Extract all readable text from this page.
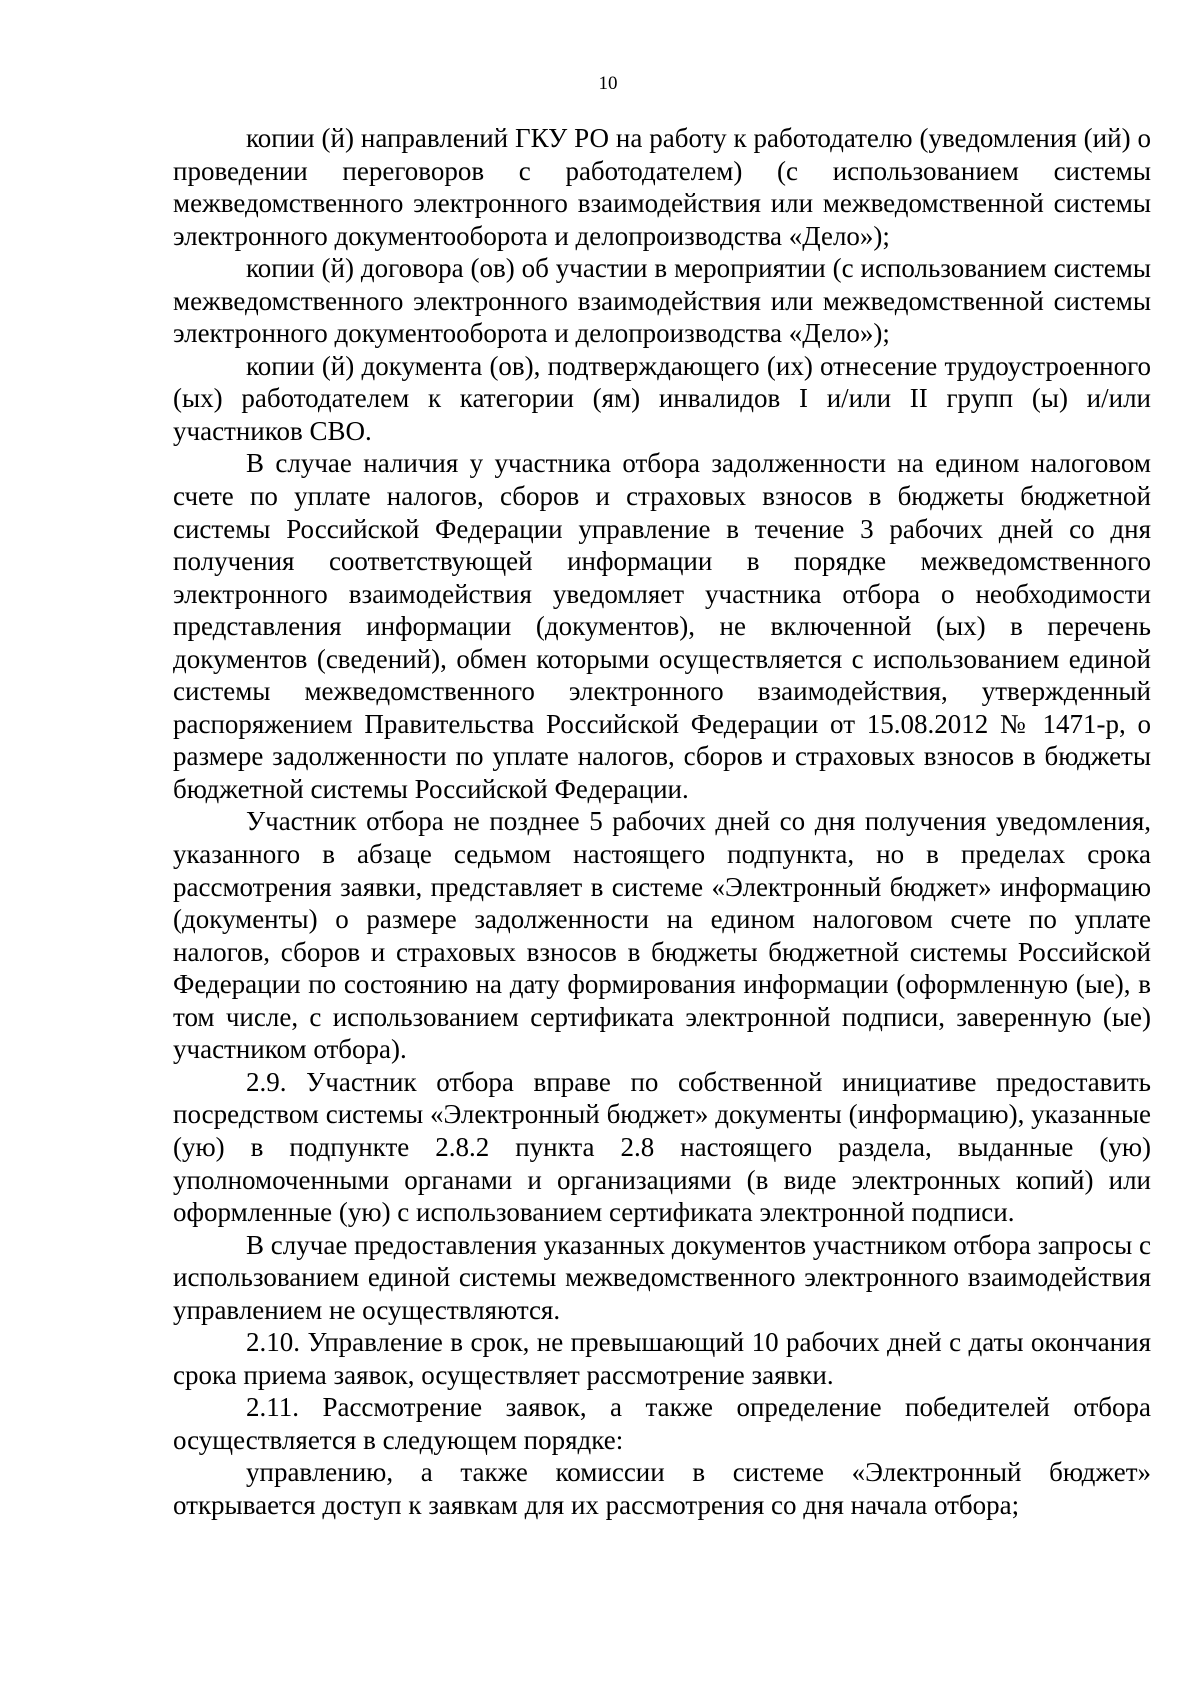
10

копии (й) направлений ГКУ РО на работу к работодателю (уведомления (ий) о проведении переговоров с работодателем) (с использованием системы межведомственного электронного взаимодействия или межведомственной системы электронного документооборота и делопроизводства «Дело»);

копии (й) договора (ов) об участии в мероприятии (с использованием системы межведомственного электронного взаимодействия или межведомственной системы электронного документооборота и делопроизводства «Дело»);

копии (й) документа (ов), подтверждающего (их) отнесение трудоустроенного (ых) работодателем к категории (ям) инвалидов I и/или II групп (ы) и/или участников СВО.

В случае наличия у участника отбора задолженности на едином налоговом счете по уплате налогов, сборов и страховых взносов в бюджеты бюджетной системы Российской Федерации управление в течение 3 рабочих дней со дня получения соответствующей информации в порядке межведомственного электронного взаимодействия уведомляет участника отбора о необходимости представления информации (документов), не включенной (ых) в перечень документов (сведений), обмен которыми осуществляется с использованием единой системы межведомственного электронного взаимодействия, утвержденный распоряжением Правительства Российской Федерации от 15.08.2012 № 1471-р, о размере задолженности по уплате налогов, сборов и страховых взносов в бюджеты бюджетной системы Российской Федерации.

Участник отбора не позднее 5 рабочих дней со дня получения уведомления, указанного в абзаце седьмом настоящего подпункта, но в пределах срока рассмотрения заявки, представляет в системе «Электронный бюджет» информацию (документы) о размере задолженности на едином налоговом счете по уплате налогов, сборов и страховых взносов в бюджеты бюджетной системы Российской Федерации по состоянию на дату формирования информации (оформленную (ые), в том числе, с использованием сертификата электронной подписи, заверенную (ые) участником отбора).

2.9. Участник отбора вправе по собственной инициативе предоставить посредством системы «Электронный бюджет» документы (информацию), указанные (ую) в подпункте 2.8.2 пункта 2.8 настоящего раздела, выданные (ую) уполномоченными органами и организациями (в виде электронных копий) или оформленные (ую) с использованием сертификата электронной подписи.

В случае предоставления указанных документов участником отбора запросы с использованием единой системы межведомственного электронного взаимодействия управлением не осуществляются.

2.10. Управление в срок, не превышающий 10 рабочих дней с даты окончания срока приема заявок, осуществляет рассмотрение заявки.

2.11. Рассмотрение заявок, а также определение победителей отбора осуществляется в следующем порядке:

управлению, а также комиссии в системе «Электронный бюджет» открывается доступ к заявкам для их рассмотрения со дня начала отбора;
